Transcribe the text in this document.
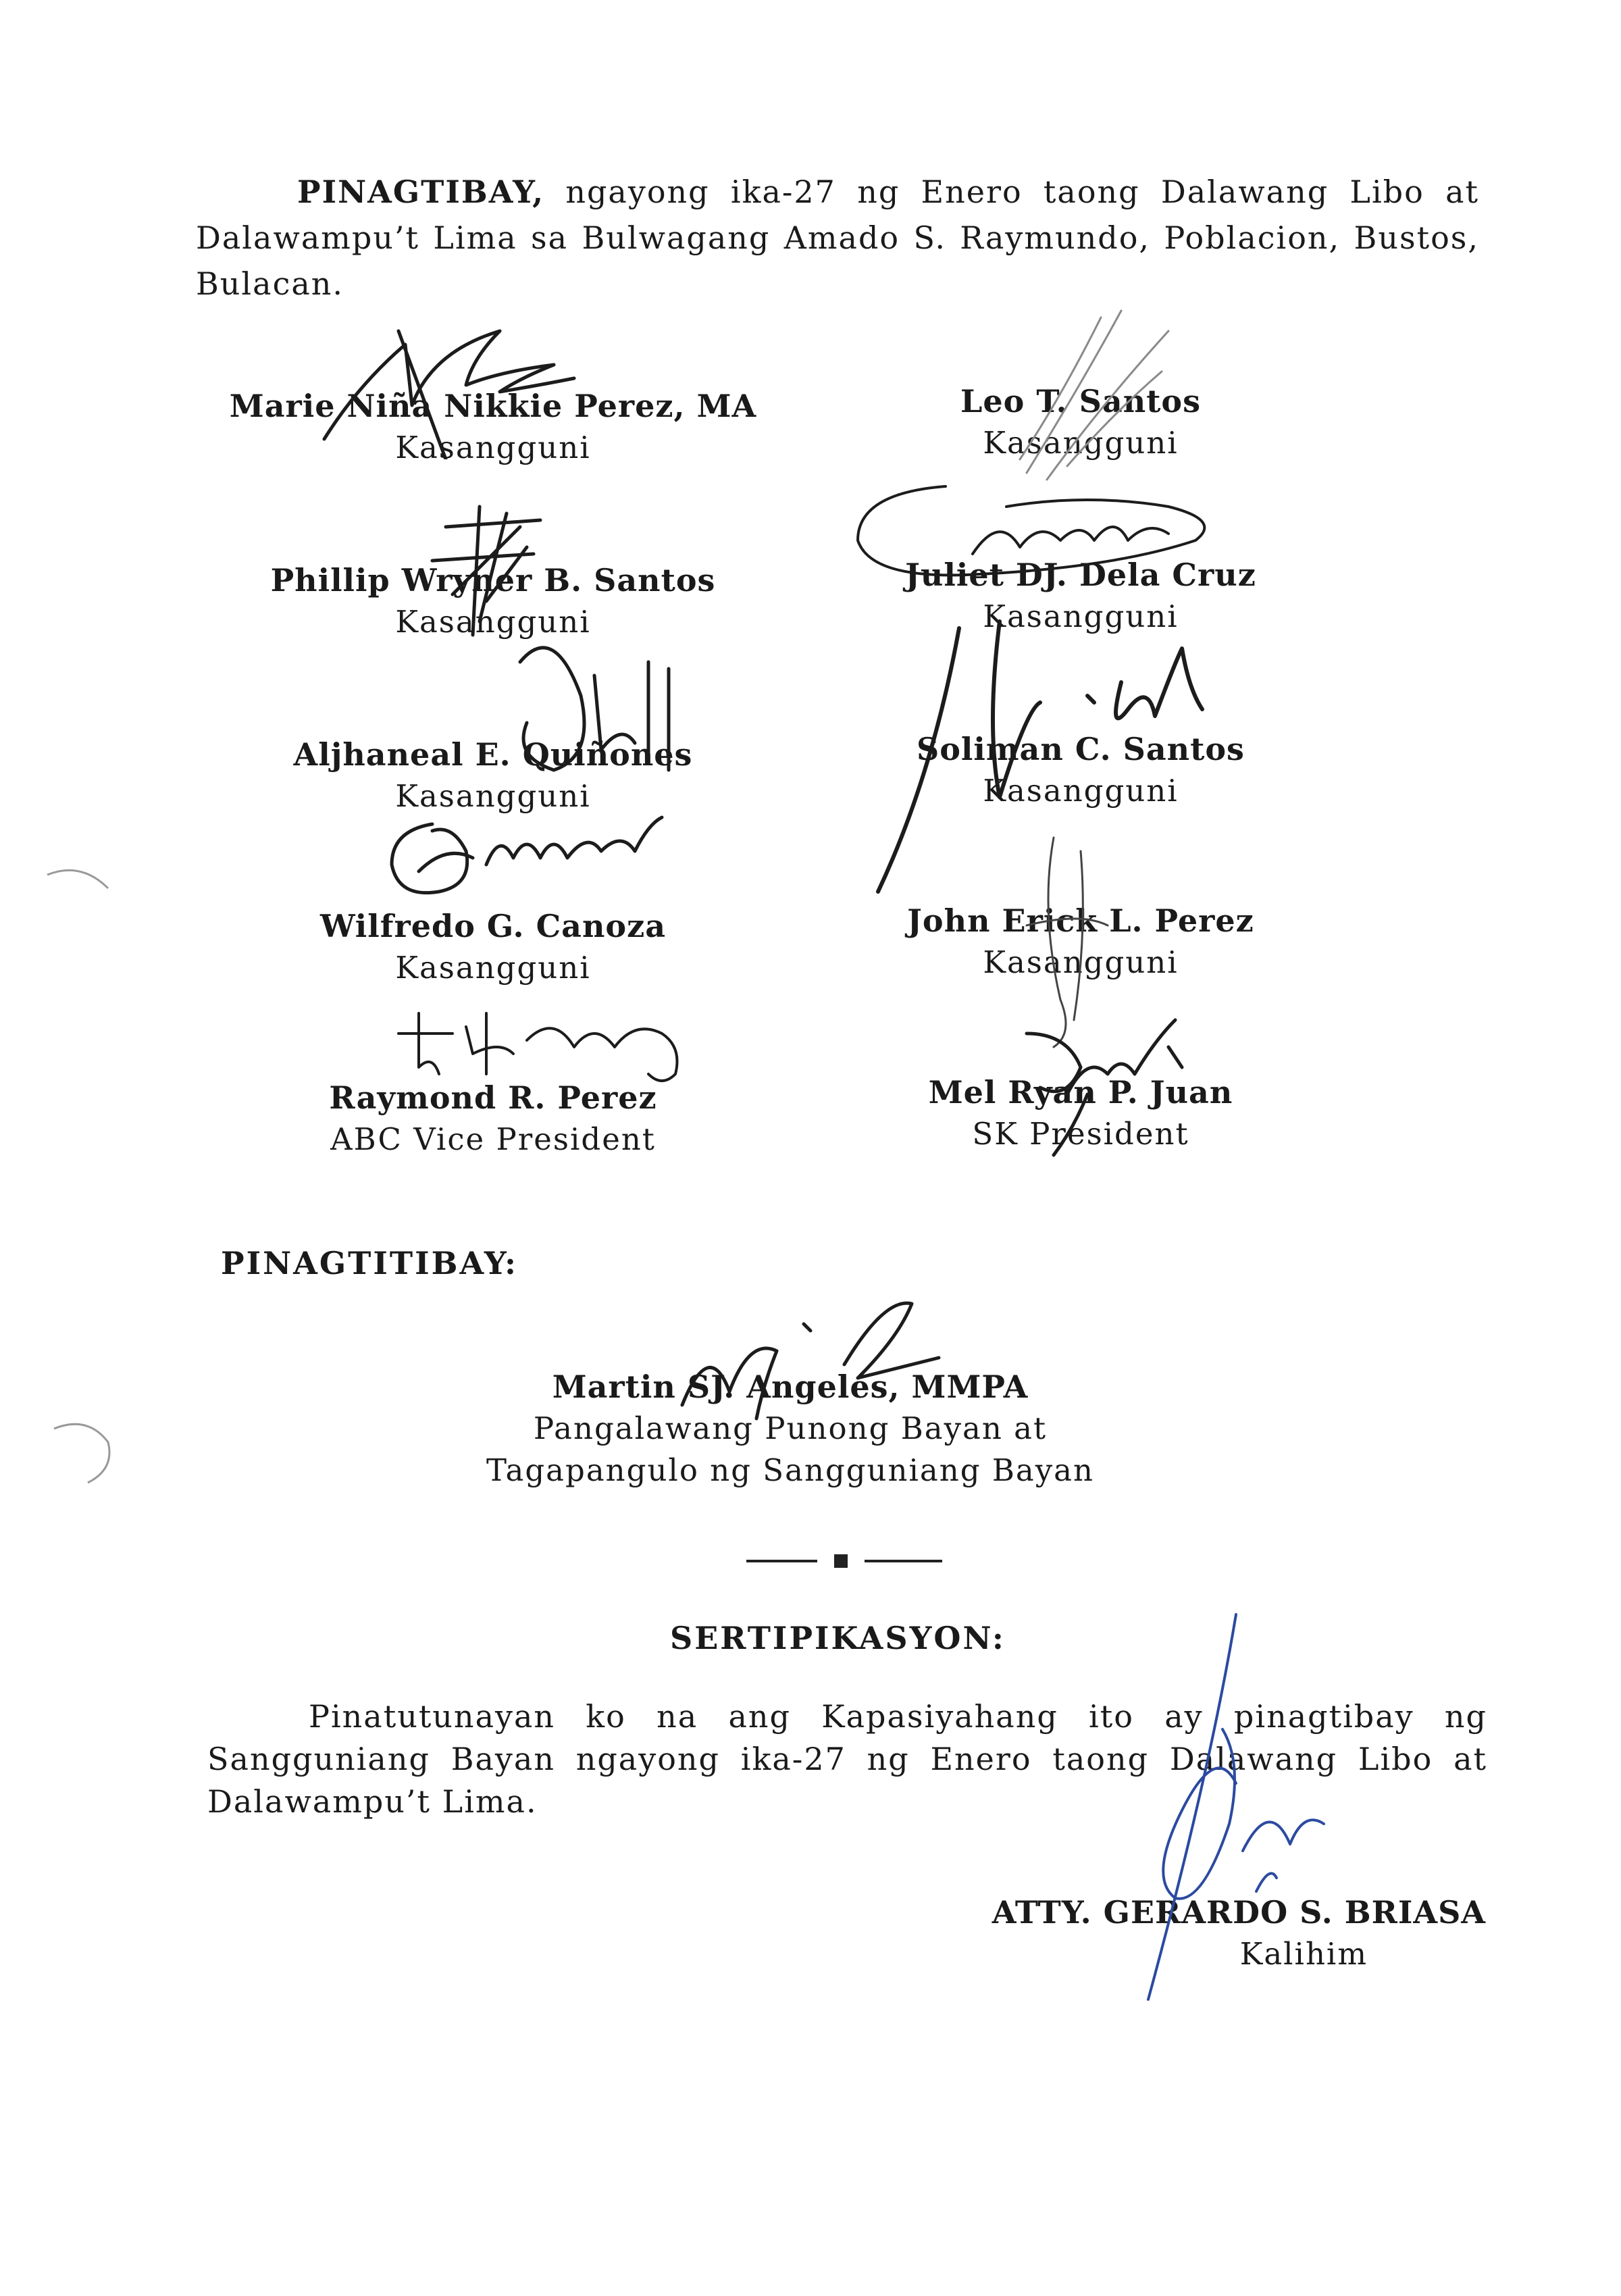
PINAGTIBAY, ngayong ika-27 ng Enero taong Dalawang Libo at Dalawampu’t Lima sa Bulwagang Amado S. Raymundo, Poblacion, Bustos, Bulacan.
Marie Niña Nikkie Perez, MA
Kasangguni
Phillip Wryner B. Santos
Kasangguni
Aljhaneal E. Quiñones
Kasangguni
Wilfredo G. Canoza
Kasangguni
Raymond R. Perez
ABC Vice President
Leo T. Santos
Kasangguni
Juliet DJ. Dela Cruz
Kasangguni
Soliman C. Santos
Kasangguni
John Erick L. Perez
Kasangguni
Mel Ryan P. Juan
SK President
PINAGTITIBAY:
Martin SJ. Angeles, MMPA
Pangalawang Punong Bayan at
Tagapangulo ng Sangguniang Bayan
SERTIPIKASYON:
Pinatutunayan ko na ang Kapasiyahang ito ay pinagtibay ng Sangguniang Bayan ngayong ika-27 ng Enero taong Dalawang Libo at Dalawampu’t Lima.
ATTY. GERARDO S. BRIASA
Kalihim
